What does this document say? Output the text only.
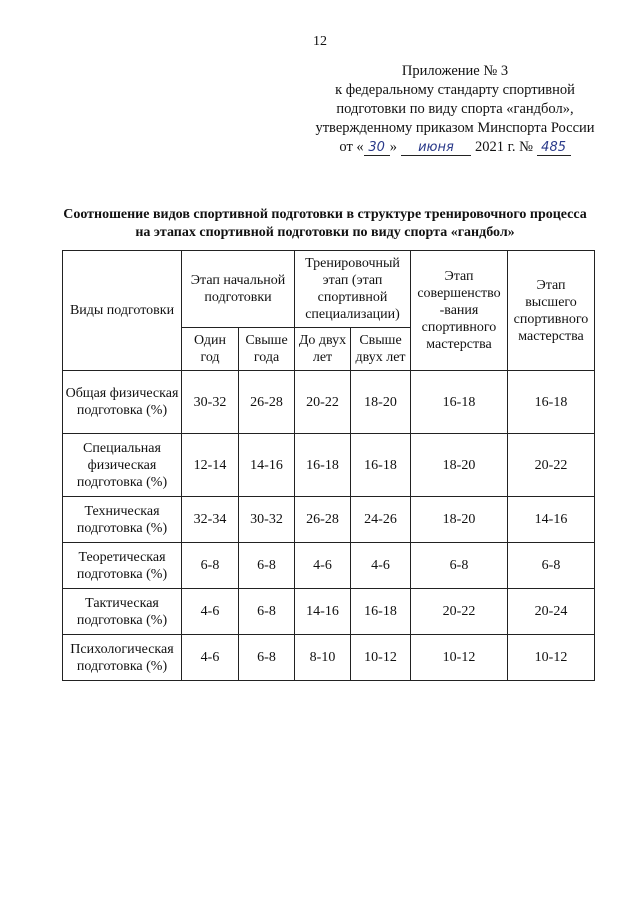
12
Приложение № 3
к федеральному стандарту спортивной
подготовки по виду спорта «гандбол»,
утвержденному приказом Минспорта России
от « 30 » июня 2021 г. № 485
Соотношение видов спортивной подготовки в структуре тренировочного процесса на этапах спортивной подготовки по виду спорта «гандбол»
Виды подготовки	Этап начальной подготовки		Тренировочный этап (этап спортивной специализации)		Этап совершенство -вания спортивного мастерства	Этап высшего спортивного мастерства
	Один год	Свыше года	До двух лет	Свыше двух лет		
Общая физическая подготовка (%)	30-32	26-28	20-22	18-20	16-18	16-18
Специальная физическая подготовка (%)	12-14	14-16	16-18	16-18	18-20	20-22
Техническая подготовка (%)	32-34	30-32	26-28	24-26	18-20	14-16
Теоретическая подготовка (%)	6-8	6-8	4-6	4-6	6-8	6-8
Тактическая подготовка (%)	4-6	6-8	14-16	16-18	20-22	20-24
Психологическая подготовка (%)	4-6	6-8	8-10	10-12	10-12	10-12
